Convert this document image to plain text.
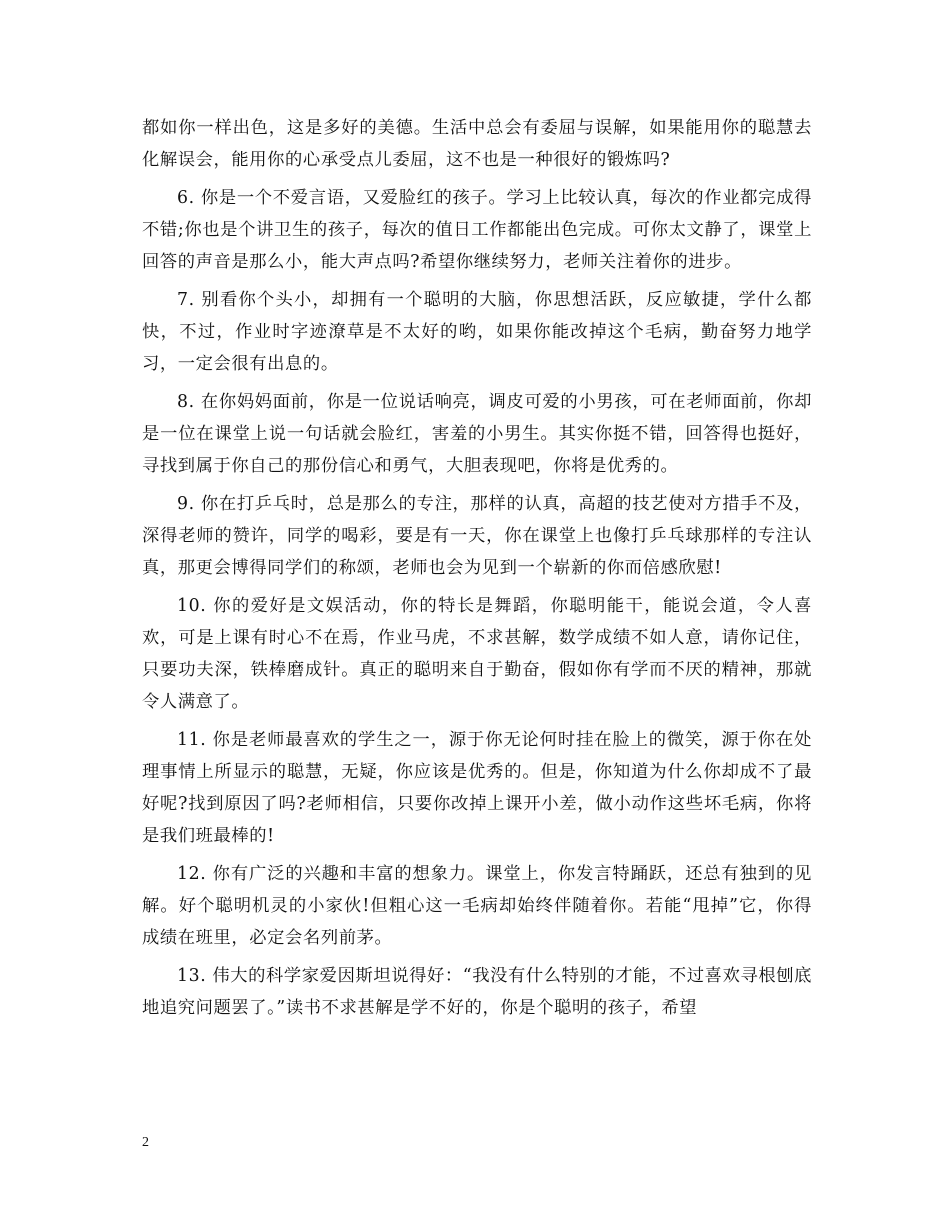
都如你一样出色，这是多好的美德。生活中总会有委屈与误解，如果能用你的聪慧去化解误会，能用你的心承受点儿委屈，这不也是一种很好的锻炼吗?

6. 你是一个不爱言语，又爱脸红的孩子。学习上比较认真，每次的作业都完成得不错;你也是个讲卫生的孩子，每次的值日工作都能出色完成。可你太文静了，课堂上回答的声音是那么小，能大声点吗?希望你继续努力，老师关注着你的进步。

7. 别看你个头小，却拥有一个聪明的大脑，你思想活跃，反应敏捷，学什么都快，不过，作业时字迹潦草是不太好的哟，如果你能改掉这个毛病，勤奋努力地学习，一定会很有出息的。

8. 在你妈妈面前，你是一位说话响亮，调皮可爱的小男孩，可在老师面前，你却是一位在课堂上说一句话就会脸红，害羞的小男生。其实你挺不错，回答得也挺好，寻找到属于你自己的那份信心和勇气，大胆表现吧，你将是优秀的。

9. 你在打乒乓时，总是那么的专注，那样的认真，高超的技艺使对方措手不及，深得老师的赞许，同学的喝彩，要是有一天，你在课堂上也像打乒乓球那样的专注认真，那更会博得同学们的称颂，老师也会为见到一个崭新的你而倍感欣慰!

10. 你的爱好是文娱活动，你的特长是舞蹈，你聪明能干，能说会道，令人喜欢，可是上课有时心不在焉，作业马虎，不求甚解，数学成绩不如人意，请你记住，只要功夫深，铁棒磨成针。真正的聪明来自于勤奋，假如你有学而不厌的精神，那就令人满意了。

11. 你是老师最喜欢的学生之一，源于你无论何时挂在脸上的微笑，源于你在处理事情上所显示的聪慧，无疑，你应该是优秀的。但是，你知道为什么你却成不了最好呢?找到原因了吗?老师相信，只要你改掉上课开小差，做小动作这些坏毛病，你将是我们班最棒的!

12. 你有广泛的兴趣和丰富的想象力。课堂上，你发言特踊跃，还总有独到的见解。好个聪明机灵的小家伙!但粗心这一毛病却始终伴随着你。若能“甩掉”它，你得成绩在班里，必定会名列前茅。

13. 伟大的科学家爱因斯坦说得好：“我没有什么特别的才能，不过喜欢寻根刨底地追究问题罢了。”读书不求甚解是学不好的，你是个聪明的孩子，希望

2
